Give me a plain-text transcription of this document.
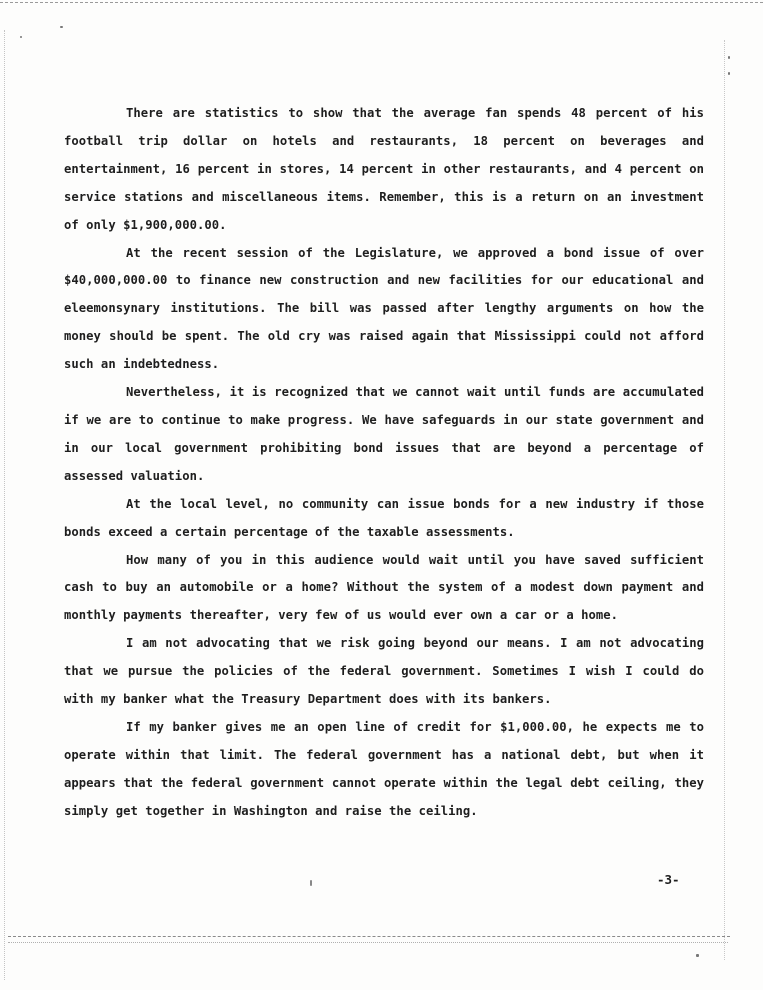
There are statistics to show that the average fan spends 48 percent of his football trip dollar on hotels and restaurants, 18 percent on beverages and entertainment, 16 percent in stores, 14 percent in other restaurants, and 4 percent on service stations and miscellaneous items. Remember, this is a return on an investment of only $1,900,000.00.

At the recent session of the Legislature, we approved a bond issue of over $40,000,000.00 to finance new construction and new facilities for our educational and eleemonsynary institutions. The bill was passed after lengthy arguments on how the money should be spent. The old cry was raised again that Mississippi could not afford such an indebtedness.

Nevertheless, it is recognized that we cannot wait until funds are accumulated if we are to continue to make progress. We have safeguards in our state government and in our local government prohibiting bond issues that are beyond a percentage of assessed valuation.

At the local level, no community can issue bonds for a new industry if those bonds exceed a certain percentage of the taxable assessments.

How many of you in this audience would wait until you have saved sufficient cash to buy an automobile or a home? Without the system of a modest down payment and monthly payments thereafter, very few of us would ever own a car or a home.

I am not advocating that we risk going beyond our means. I am not advocating that we pursue the policies of the federal government. Sometimes I wish I could do with my banker what the Treasury Department does with its bankers.

If my banker gives me an open line of credit for $1,000.00, he expects me to operate within that limit. The federal government has a national debt, but when it appears that the federal government cannot operate within the legal debt ceiling, they simply get together in Washington and raise the ceiling.

-3-
